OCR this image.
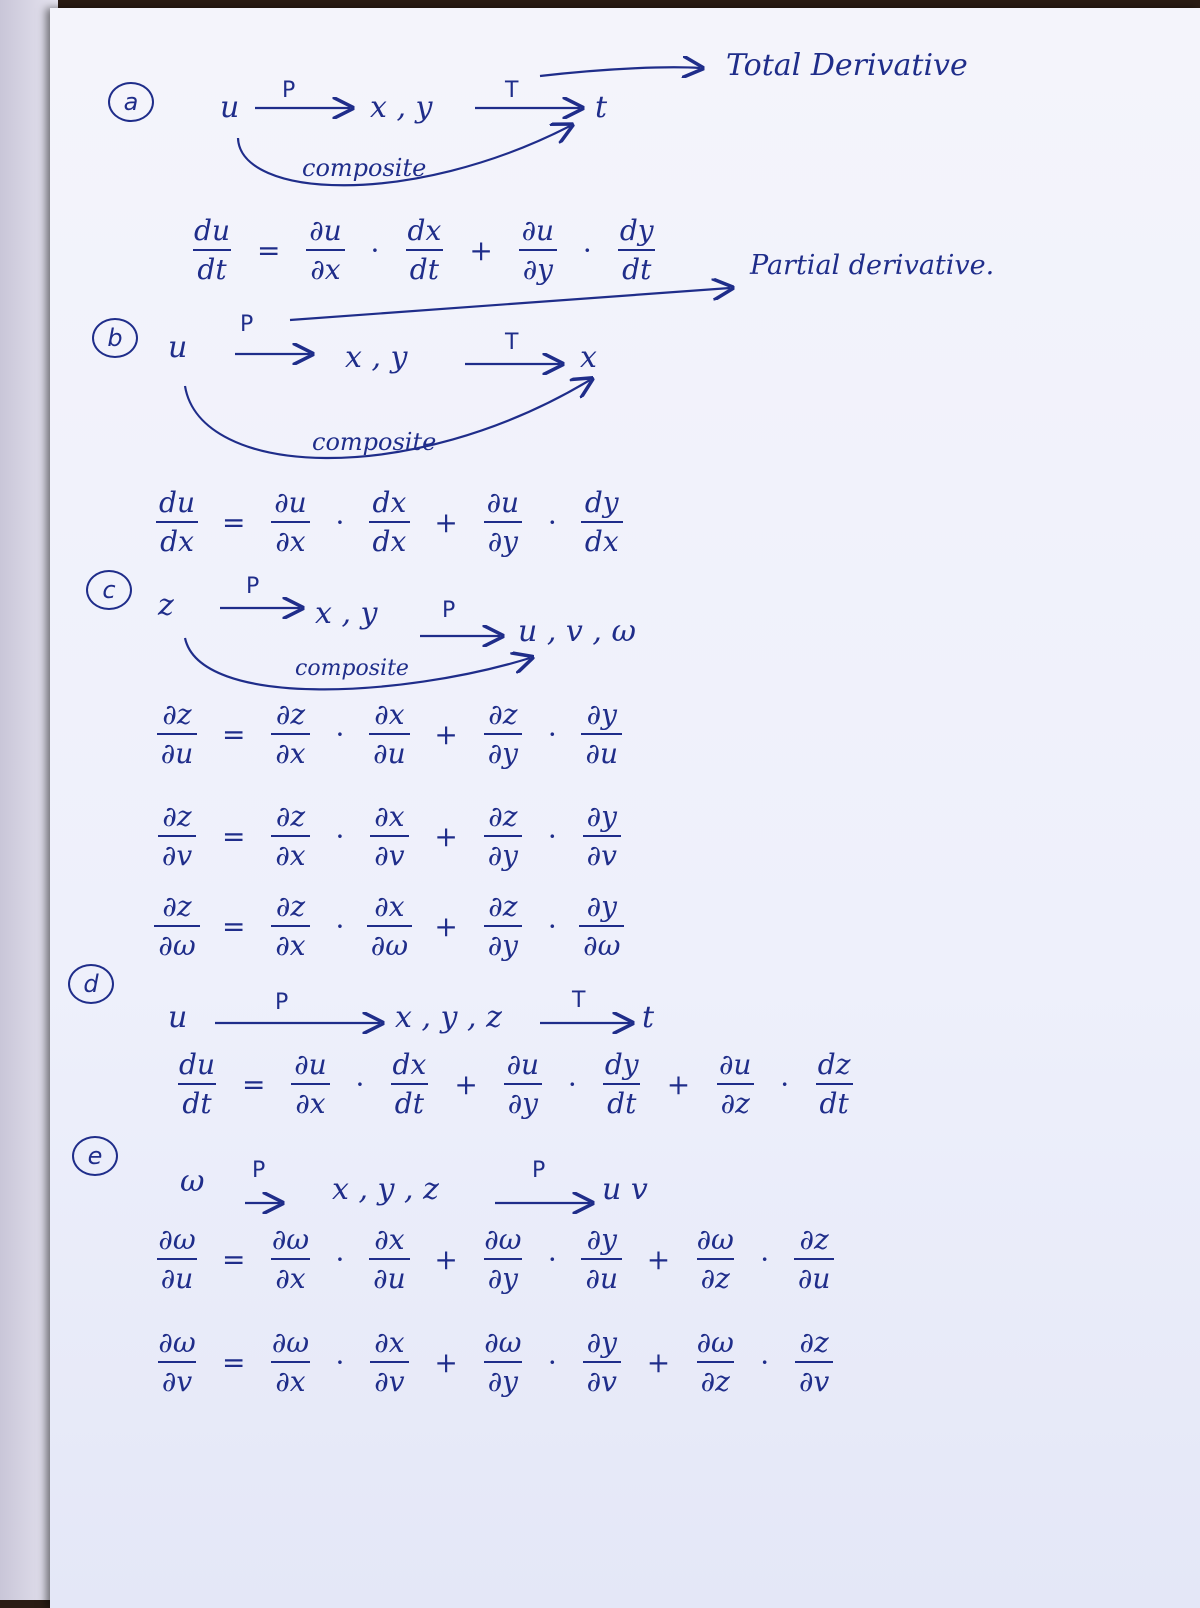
a	u P x , y	T	t
Total Derivative
composite
$\frac{du}{dt} = \frac{\partial u}{\partial x} \cdot \frac{dx}{dt} + \frac{\partial u}{\partial y} \cdot \frac{dy}{dt}$	Partial derivative.
b	u
P
x , y	T x
composite
$\frac{du}{dx} = \frac{\partial u}{\partial x} \cdot \frac{dx}{dx} + \frac{\partial u}{\partial y} \cdot \frac{dy}{dx}$
c	z
P
x , y	P
u , v , ω
composite
$\frac{\partial z}{\partial u} = \frac{\partial z}{\partial x} \cdot \frac{\partial x}{\partial u} + \frac{\partial z}{\partial y} \cdot \frac{\partial y}{\partial u}$
$\frac{\partial z}{\partial v} = \frac{\partial z}{\partial x} \cdot \frac{\partial x}{\partial v} + \frac{\partial z}{\partial y} \cdot \frac{\partial y}{\partial v}$
$\frac{\partial z}{\partial\omega} = \frac{\partial z}{\partial x} \cdot \frac{\partial x}{\partial\omega} + \frac{\partial z}{\partial y} \cdot \frac{\partial y}{\partial\omega}$
d
u	P	x , y , z	T t
$\frac{du}{dt} = \frac{\partial u}{\partial x} \cdot \frac{dx}{dt} + \frac{\partial u}{\partial y} \cdot \frac{dy}{dt} + \frac{\partial u}{\partial z} \cdot \frac{dz}{dt}$
e
ω P
x , y , z
P
u v
$\frac{\partial\omega}{\partial u} = \frac{\partial\omega}{\partial x} \cdot \frac{\partial x}{\partial u} + \frac{\partial\omega}{\partial y} \cdot \frac{\partial y}{\partial u} + \frac{\partial\omega}{\partial z} \cdot \frac{\partial z}{\partial u}$
$\frac{\partial\omega}{\partial v} = \frac{\partial\omega}{\partial x} \cdot \frac{\partial x}{\partial v} + \frac{\partial\omega}{\partial y} \cdot \frac{\partial y}{\partial v} + \frac{\partial\omega}{\partial z} \cdot \frac{\partial z}{\partial v}$
